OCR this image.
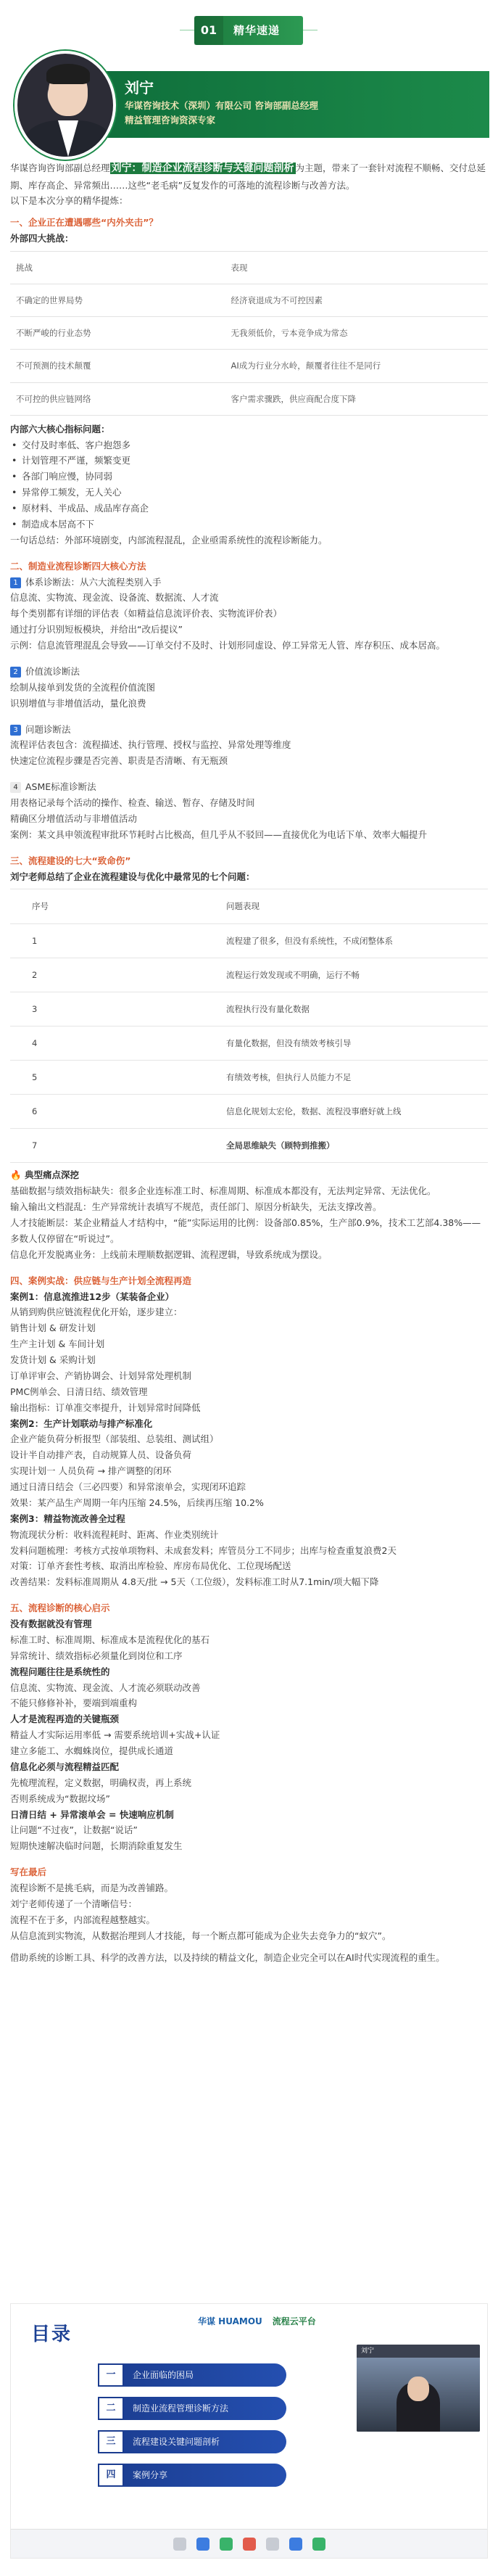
01	精华速递
刘宁
华谋咨询技术（深圳）有限公司 咨询部副总经理
精益管理咨询资深专家

华谋咨询咨询部副总经理 刘宁：制造企业流程诊断与关键问题剖析 为主题，带来了一套针对流程不顺畅、交付总延期、库存高企、异常频出……这些“老毛病”反复发作的可落地的流程诊断与改善方法。

以下是本次分享的精华提炼：

一、企业正在遭遇哪些“内外夹击”？

外部四大挑战：

挑战	表现
不确定的世界局势	经济衰退成为不可控因素
不断严峻的行业态势	无我须低价，亏本竞争成为常态
不可预测的技术颠覆	AI成为行业分水岭，颠覆者往往不是同行
不可控的供应链网络	客户需求骤跌，供应商配合度下降

内部六大核心指标问题：

• 交付及时率低、客户抱怨多
• 计划管理不严谨，频繁变更
• 各部门响应慢，协同弱
• 异常停工频发，无人关心
• 原材料、半成品、成品库存高企
• 制造成本居高不下

一句话总结：外部环境剧变，内部流程混乱，企业亟需系统性的流程诊断能力。

二、制造业流程诊断四大核心方法

1 体系诊断法：从六大流程类别入手

信息流、实物流、现金流、设备流、数据流、人才流

每个类别都有详细的评估表（如精益信息流评价表、实物流评价表）

通过打分识别短板模块，并给出“改后提议”

示例：信息流管理混乱会导致——订单交付不及时、计划形同虚设、停工异常无人管、库存积压、成本居高。

2 价值流诊断法

绘制从接单到发货的全流程价值流图

识别增值与非增值活动，量化浪费

3 问题诊断法

流程评估表包含：流程描述、执行管理、授权与监控、异常处理等维度

快速定位流程步骤是否完善、职责是否清晰、有无瓶颈

4 ASME标准诊断法

用表格记录每个活动的操作、检查、输送、暂存、存储及时间

精确区分增值活动与非增值活动

案例：某文具申领流程审批环节耗时占比极高，但几乎从不驳回——直接优化为电话下单、效率大幅提升

三、流程建设的七大“致命伤”

刘宁老师总结了企业在流程建设与优化中最常见的七个问题：

序号	问题表现
1	流程建了很多，但没有系统性，不成闭整体系
2	流程运行效发现或不明确，运行不畅
3	流程执行没有量化数据
4	有量化数据，但没有绩效考核引导
5	有绩效考核，但执行人员能力不足
6	信息化规划太宏伦，数据、流程没事磨好就上线
7	全局思维缺失（顾特到推搬）

🔥 典型痛点深挖

基础数据与绩效指标缺失：很多企业连标准工时、标准周期、标准成本都没有，无法判定异常、无法优化。

输入输出文档混乱：生产异常统计表填写不规范，责任部门、原因分析缺失，无法支撑改善。

人才技能断层：某企业精益人才结构中，“能”实际运用的比例：设备部0.85%，生产部0.9%，技术工艺部4.38%——多数人仅停留在“听说过”。

信息化开发脱离业务：上线前未理顺数据逻辑、流程逻辑，导致系统成为摆设。

四、案例实战：供应链与生产计划全流程再造

案例1：信息流推进12步（某装备企业）

从销到购供应链流程优化开始，逐步建立：

销售计划 & 研发计划

生产主计划 & 车间计划

发货计划 & 采购计划

订单评审会、产销协调会、计划异常处理机制

PMC例单会、日清日结、绩效管理

输出指标：订单准交率提升，计划异常时间降低

案例2：生产计划联动与排产标准化

企业产能负荷分析报型（部装组、总装组、测试组）

设计半自动排产表，自动规算人员、设备负荷

实现计划一 人员负荷 → 排产调整的闭环

通过日清日结会（三必四要）和异常滚单会，实现闭环追踪

效果：某产品生产周期一年内压缩 24.5%，后续再压缩 10.2%

案例3：精益物流改善全过程

物流现状分析：收料流程耗时、距离、作业类别统计

发料问题梳理：考核方式按单项物料、未成套发料；库管员分工不同步；出库与检查重复浪费2天

对策：订单齐套性考核、取消出库检验、库房布局优化、工位现场配送

改善结果：发料标准周期从 4.8天/批 → 5天（工位级），发料标准工时从7.1min/项大幅下降

五、流程诊断的核心启示

没有数据就没有管理

标准工时、标准周期、标准成本是流程优化的基石

异常统计、绩效指标必须量化到岗位和工序

流程问题往往是系统性的

信息流、实物流、现金流、人才流必须联动改善

不能只修修补补，要端到端重构

人才是流程再造的关键瓶颈

精益人才实际运用率低 → 需要系统培训+实战+认证

建立多能工、水蜘蛛岗位，提供成长通道

信息化必须与流程精益匹配

先梳理流程，定义数据，明确权责，再上系统

否则系统成为“数据坟场”

日清日结 + 异常滚单会 = 快速响应机制

让问题“不过夜”，让数据“说话”

短期快速解决临时问题，长期消除重复发生

写在最后

流程诊断不是挑毛病，而是为改善铺路。

刘宁老师传递了一个清晰信号：

流程不在于多，内部流程越整越实。

从信息流到实物流，从数据治理到人才技能，每一个断点都可能成为企业失去竞争力的“蚁穴”。

借助系统的诊断工具、科学的改善方法，以及持续的精益文化，制造企业完全可以在AI时代实现流程的重生。

目录
华谋 HUAMOU 流程云平台
一	企业面临的困局
二	制造业流程管理诊断方法
三	流程建设关键问题剖析
四	案例分享
刘宁
